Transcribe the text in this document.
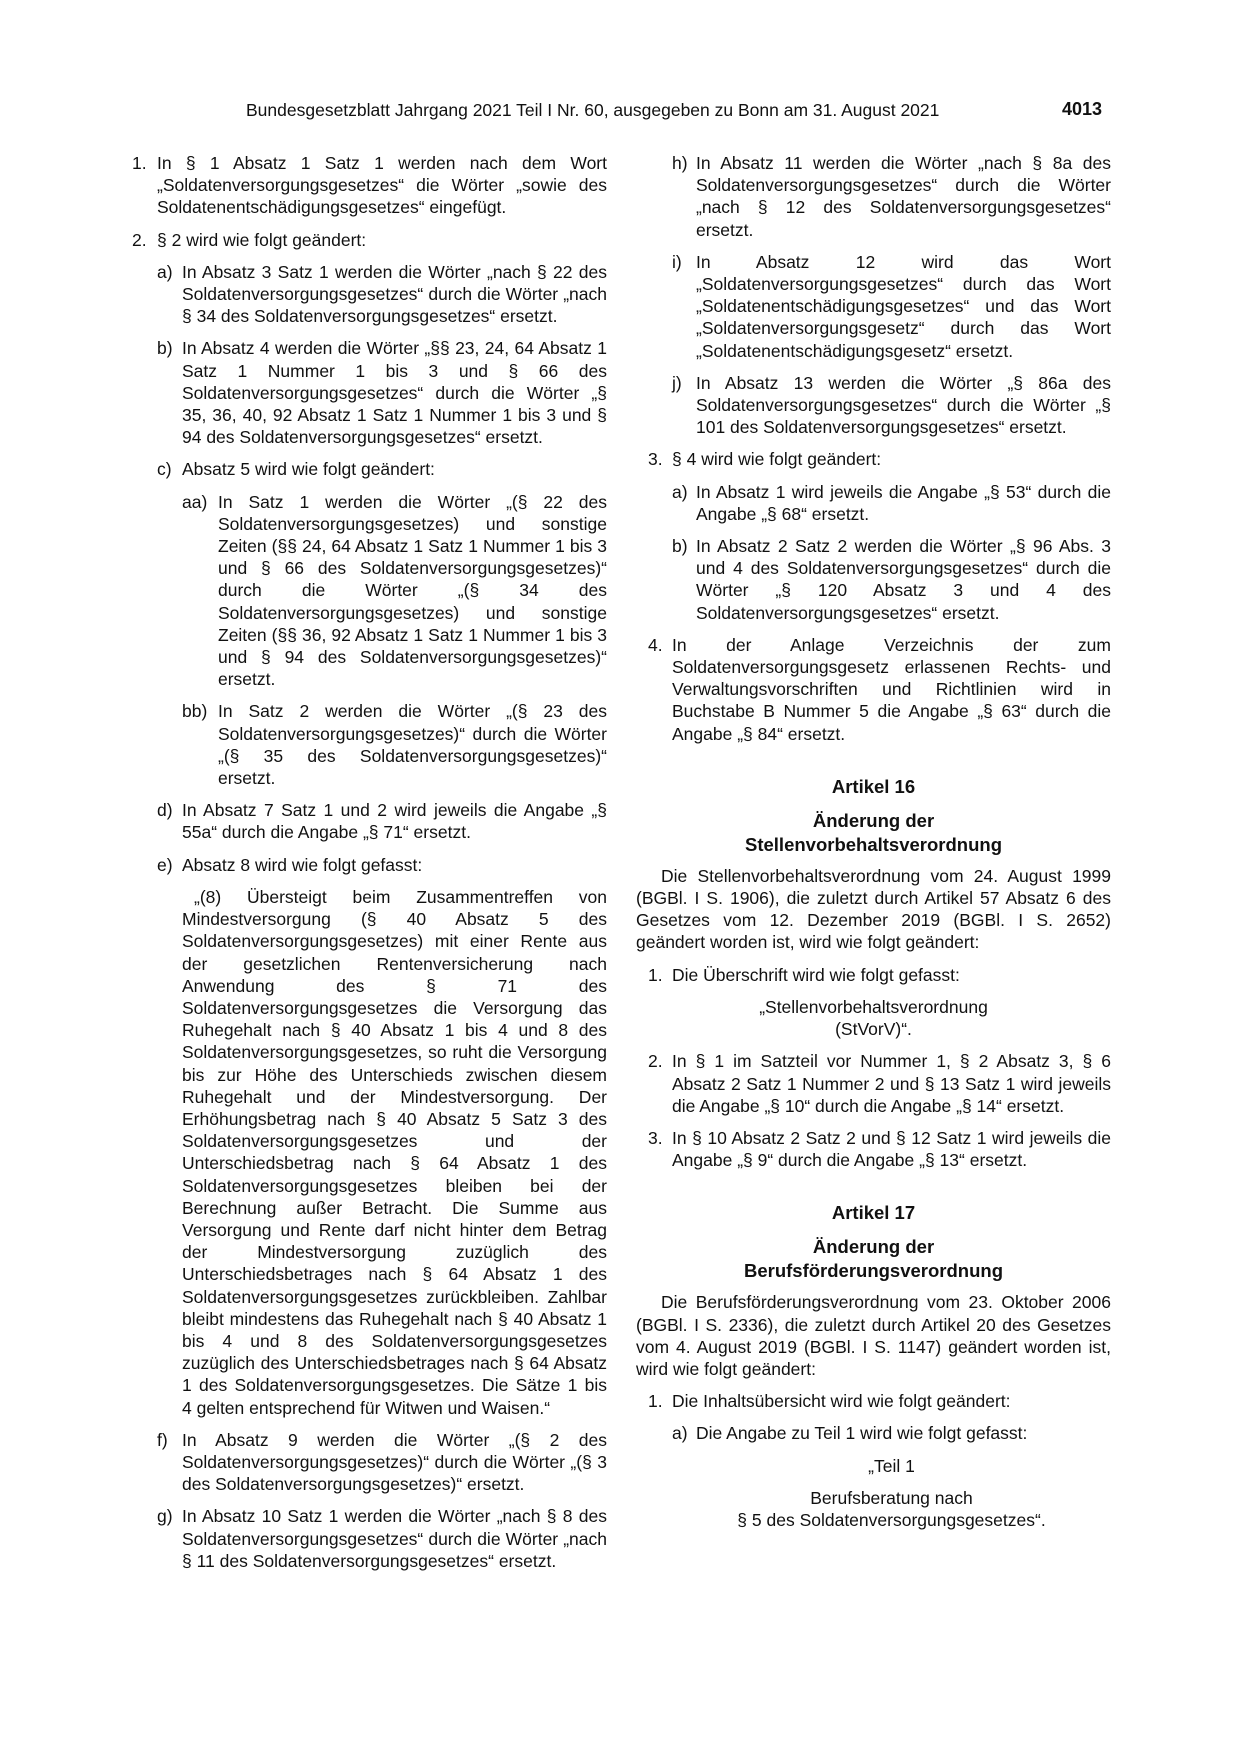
Bundesgesetzblatt Jahrgang 2021 Teil I Nr. 60, ausgegeben zu Bonn am 31. August 2021	4013
1. In § 1 Absatz 1 Satz 1 werden nach dem Wort „Soldatenversorgungsgesetzes“ die Wörter „sowie des Soldatenentschädigungsgesetzes“ eingefügt.
2. § 2 wird wie folgt geändert:
a) In Absatz 3 Satz 1 werden die Wörter „nach § 22 des Soldatenversorgungsgesetzes“ durch die Wörter „nach § 34 des Soldatenversorgungsgesetzes“ ersetzt.
b) In Absatz 4 werden die Wörter „§§ 23, 24, 64 Absatz 1 Satz 1 Nummer 1 bis 3 und § 66 des Soldatenversorgungsgesetzes“ durch die Wörter „§ 35, 36, 40, 92 Absatz 1 Satz 1 Nummer 1 bis 3 und § 94 des Soldatenversorgungsgesetzes“ ersetzt.
c) Absatz 5 wird wie folgt geändert:
aa) In Satz 1 werden die Wörter „(§ 22 des Soldatenversorgungsgesetzes) und sonstige Zeiten (§§ 24, 64 Absatz 1 Satz 1 Nummer 1 bis 3 und § 66 des Soldatenversorgungsgesetzes)“ durch die Wörter „(§ 34 des Soldatenversorgungsgesetzes) und sonstige Zeiten (§§ 36, 92 Absatz 1 Satz 1 Nummer 1 bis 3 und § 94 des Soldatenversorgungsgesetzes)“ ersetzt.
bb) In Satz 2 werden die Wörter „(§ 23 des Soldatenversorgungsgesetzes)“ durch die Wörter „(§ 35 des Soldatenversorgungsgesetzes)“ ersetzt.
d) In Absatz 7 Satz 1 und 2 wird jeweils die Angabe „§ 55a“ durch die Angabe „§ 71“ ersetzt.
e) Absatz 8 wird wie folgt gefasst:
„(8) Übersteigt beim Zusammentreffen von Mindestversorgung (§ 40 Absatz 5 des Soldatenversorgungsgesetzes) mit einer Rente aus der gesetzlichen Rentenversicherung nach Anwendung des § 71 des Soldatenversorgungsgesetzes die Versorgung das Ruhegehalt nach § 40 Absatz 1 bis 4 und 8 des Soldatenversorgungsgesetzes, so ruht die Versorgung bis zur Höhe des Unterschieds zwischen diesem Ruhegehalt und der Mindestversorgung. Der Erhöhungsbetrag nach § 40 Absatz 5 Satz 3 des Soldatenversorgungsgesetzes und der Unterschiedsbetrag nach § 64 Absatz 1 des Soldatenversorgungsgesetzes bleiben bei der Berechnung außer Betracht. Die Summe aus Versorgung und Rente darf nicht hinter dem Betrag der Mindestversorgung zuzüglich des Unterschiedsbetrages nach § 64 Absatz 1 des Soldatenversorgungsgesetzes zurückbleiben. Zahlbar bleibt mindestens das Ruhegehalt nach § 40 Absatz 1 bis 4 und 8 des Soldatenversorgungsgesetzes zuzüglich des Unterschiedsbetrages nach § 64 Absatz 1 des Soldatenversorgungsgesetzes. Die Sätze 1 bis 4 gelten entsprechend für Witwen und Waisen.“
f) In Absatz 9 werden die Wörter „(§ 2 des Soldatenversorgungsgesetzes)“ durch die Wörter „(§ 3 des Soldatenversorgungsgesetzes)“ ersetzt.
g) In Absatz 10 Satz 1 werden die Wörter „nach § 8 des Soldatenversorgungsgesetzes“ durch die Wörter „nach § 11 des Soldatenversorgungsgesetzes“ ersetzt.
h) In Absatz 11 werden die Wörter „nach § 8a des Soldatenversorgungsgesetzes“ durch die Wörter „nach § 12 des Soldatenversorgungsgesetzes“ ersetzt.
i) In Absatz 12 wird das Wort „Soldatenversorgungsgesetzes“ durch das Wort „Soldatenentschädigungsgesetzes“ und das Wort „Soldatenversorgungsgesetz“ durch das Wort „Soldatenentschädigungsgesetz“ ersetzt.
j) In Absatz 13 werden die Wörter „§ 86a des Soldatenversorgungsgesetzes“ durch die Wörter „§ 101 des Soldatenversorgungsgesetzes“ ersetzt.
3. § 4 wird wie folgt geändert:
a) In Absatz 1 wird jeweils die Angabe „§ 53“ durch die Angabe „§ 68“ ersetzt.
b) In Absatz 2 Satz 2 werden die Wörter „§ 96 Abs. 3 und 4 des Soldatenversorgungsgesetzes“ durch die Wörter „§ 120 Absatz 3 und 4 des Soldatenversorgungsgesetzes“ ersetzt.
4. In der Anlage Verzeichnis der zum Soldatenversorgungsgesetz erlassenen Rechts- und Verwaltungsvorschriften und Richtlinien wird in Buchstabe B Nummer 5 die Angabe „§ 63“ durch die Angabe „§ 84“ ersetzt.
Artikel 16
Änderung der
Stellenvorbehaltsverordnung
Die Stellenvorbehaltsverordnung vom 24. August 1999 (BGBl. I S. 1906), die zuletzt durch Artikel 57 Absatz 6 des Gesetzes vom 12. Dezember 2019 (BGBl. I S. 2652) geändert worden ist, wird wie folgt geändert:
1. Die Überschrift wird wie folgt gefasst:
„Stellenvorbehaltsverordnung
(StVorV)“.
2. In § 1 im Satzteil vor Nummer 1, § 2 Absatz 3, § 6 Absatz 2 Satz 1 Nummer 2 und § 13 Satz 1 wird jeweils die Angabe „§ 10“ durch die Angabe „§ 14“ ersetzt.
3. In § 10 Absatz 2 Satz 2 und § 12 Satz 1 wird jeweils die Angabe „§ 9“ durch die Angabe „§ 13“ ersetzt.
Artikel 17
Änderung der
Berufsförderungsverordnung
Die Berufsförderungsverordnung vom 23. Oktober 2006 (BGBl. I S. 2336), die zuletzt durch Artikel 20 des Gesetzes vom 4. August 2019 (BGBl. I S. 1147) geändert worden ist, wird wie folgt geändert:
1. Die Inhaltsübersicht wird wie folgt geändert:
a) Die Angabe zu Teil 1 wird wie folgt gefasst:
„Teil 1
Berufsberatung nach
§ 5 des Soldatenversorgungsgesetzes“.
